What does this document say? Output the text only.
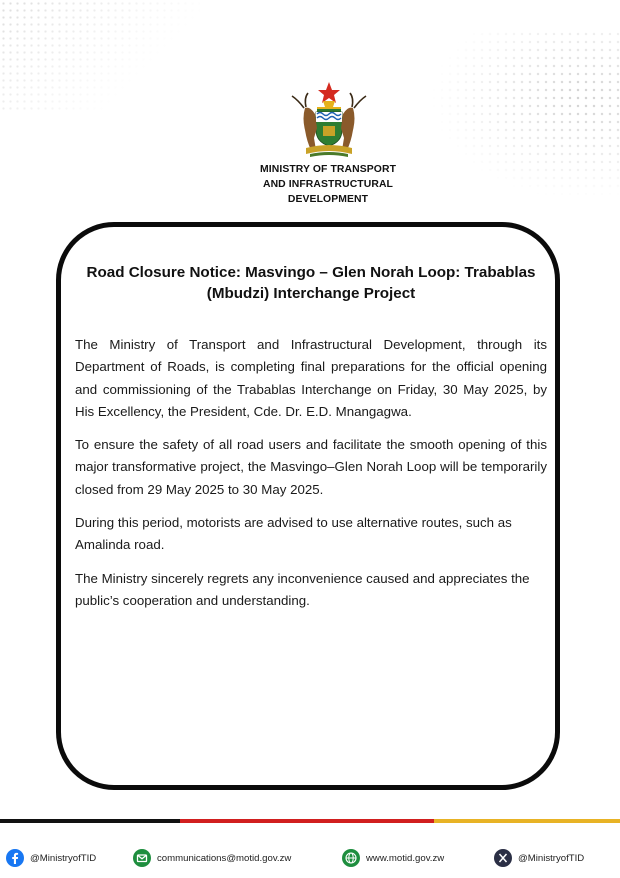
MINISTRY OF TRANSPORT
AND INFRASTRUCTURAL
DEVELOPMENT
Road Closure Notice: Masvingo – Glen Norah Loop: Trabablas (Mbudzi) Interchange Project

The Ministry of Transport and Infrastructural Development, through its Department of Roads, is completing final preparations for the official opening and commissioning of the Trabablas Interchange on Friday, 30 May 2025, by His Excellency, the President, Cde. Dr. E.D. Mnangagwa.

To ensure the safety of all road users and facilitate the smooth opening of this major transformative project, the Masvingo–Glen Norah Loop will be temporarily closed from 29 May 2025 to 30 May 2025.

During this period, motorists are advised to use alternative routes, such as Amalinda road.

The Ministry sincerely regrets any inconvenience caused and appreciates the public’s cooperation and understanding.

@MinistryofTID	communications@motid.gov.zw	www.motid.gov.zw	@MinistryofTID
